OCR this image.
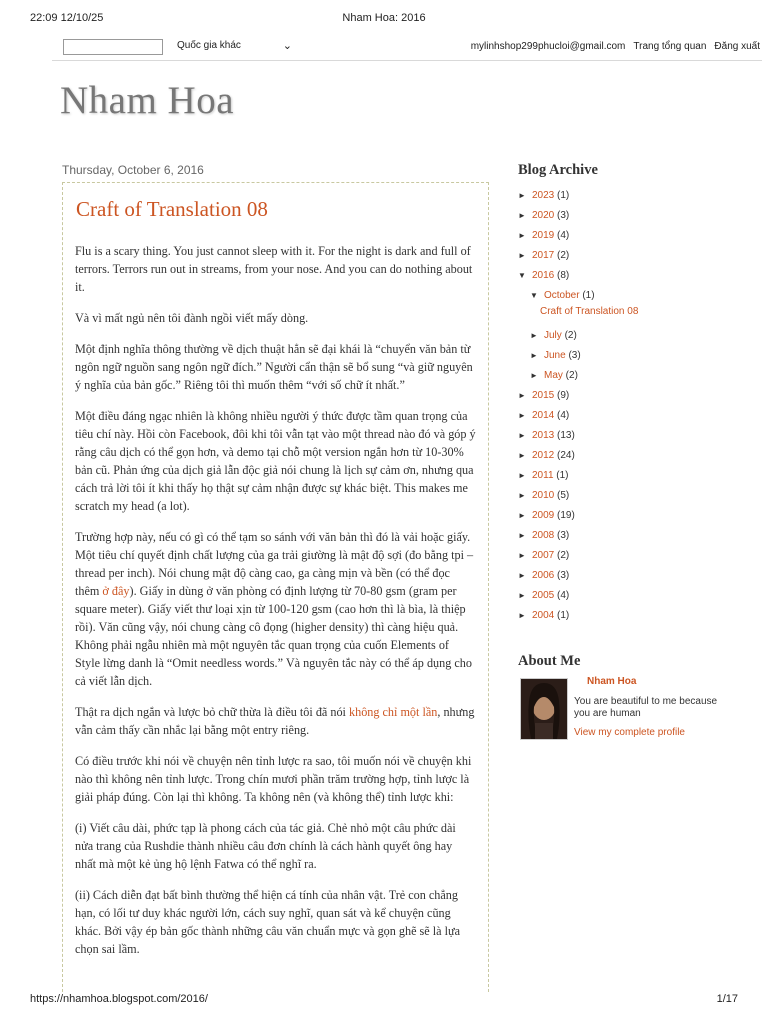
22:09 12/10/25	Nham Hoa: 2016
Quốc gia khác	⌄	mylinhshop299phucloi@gmail.com Trang tổng quan Đăng xuất
Nham Hoa
Thursday, October 6, 2016
Craft of Translation 08

Flu is a scary thing. You just cannot sleep with it. For the night is dark and full of terrors. Terrors run out in streams, from your nose. And you can do nothing about it.

Và vì mất ngủ nên tôi đành ngồi viết mấy dòng.

Một định nghĩa thông thường về dịch thuật hẳn sẽ đại khái là “chuyển văn bản từ ngôn ngữ nguồn sang ngôn ngữ đích.” Người cẩn thận sẽ bổ sung “và giữ nguyên ý nghĩa của bản gốc.” Riêng tôi thì muốn thêm “với số chữ ít nhất.”

Một điều đáng ngạc nhiên là không nhiều người ý thức được tầm quan trọng của tiêu chí này. Hồi còn Facebook, đôi khi tôi vẫn tạt vào một thread nào đó và góp ý rằng câu dịch có thể gọn hơn, và demo tại chỗ một version ngắn hơn từ 10-30% bản cũ. Phản ứng của dịch giả lẫn độc giả nói chung là lịch sự cảm ơn, nhưng qua cách trả lời tôi ít khi thấy họ thật sự cảm nhận được sự khác biệt. This makes me scratch my head (a lot).

Trường hợp này, nếu có gì có thể tạm so sánh với văn bản thì đó là vải hoặc giấy. Một tiêu chí quyết định chất lượng của ga trải giường là mật độ sợi (đo bằng tpi – thread per inch). Nói chung mật độ càng cao, ga càng mịn và bền (có thể đọc thêm ở đây). Giấy in dùng ở văn phòng có định lượng từ 70-80 gsm (gram per square meter). Giấy viết thư loại xịn từ 100-120 gsm (cao hơn thì là bìa, là thiệp rồi). Văn cũng vậy, nói chung càng cô đọng (higher density) thì càng hiệu quả. Không phải ngẫu nhiên mà một nguyên tắc quan trọng của cuốn Elements of Style lừng danh là “Omit needless words.” Và nguyên tắc này có thể áp dụng cho cả viết lẫn dịch.

Thật ra dịch ngắn và lược bỏ chữ thừa là điều tôi đã nói không chỉ một lần, nhưng vẫn cảm thấy cần nhắc lại bằng một entry riêng.

Có điều trước khi nói về chuyện nên tỉnh lược ra sao, tôi muốn nói về chuyện khi nào thì không nên tỉnh lược. Trong chín mươi phần trăm trường hợp, tỉnh lược là giải pháp đúng. Còn lại thì không. Ta không nên (và không thể) tỉnh lược khi:

(i) Viết câu dài, phức tạp là phong cách của tác giả. Chẻ nhỏ một câu phức dài nửa trang của Rushdie thành nhiều câu đơn chính là cách hành quyết ông hay nhất mà một kẻ ủng hộ lệnh Fatwa có thể nghĩ ra.

(ii) Cách diễn đạt bất bình thường thể hiện cá tính của nhân vật. Trẻ con chẳng hạn, có lối tư duy khác người lớn, cách suy nghĩ, quan sát và kể chuyện cũng khác. Bởi vậy ép bản gốc thành những câu văn chuẩn mực và gọn ghẽ sẽ là lựa chọn sai lầm.

Blog Archive
► 2023 (1)
► 2020 (3)
► 2019 (4)
► 2017 (2)
▼ 2016 (8)
▼ October (1)
Craft of Translation 08
► July (2)
► June (3)
► May (2)
► 2015 (9)
► 2014 (4)
► 2013 (13)
► 2012 (24)
► 2011 (1)
► 2010 (5)
► 2009 (19)
► 2008 (3)
► 2007 (2)
► 2006 (3)
► 2005 (4)
► 2004 (1)
About Me
Nham Hoa
You are beautiful to me because you are human
View my complete profile
https://nhamhoa.blogspot.com/2016/	1/17
